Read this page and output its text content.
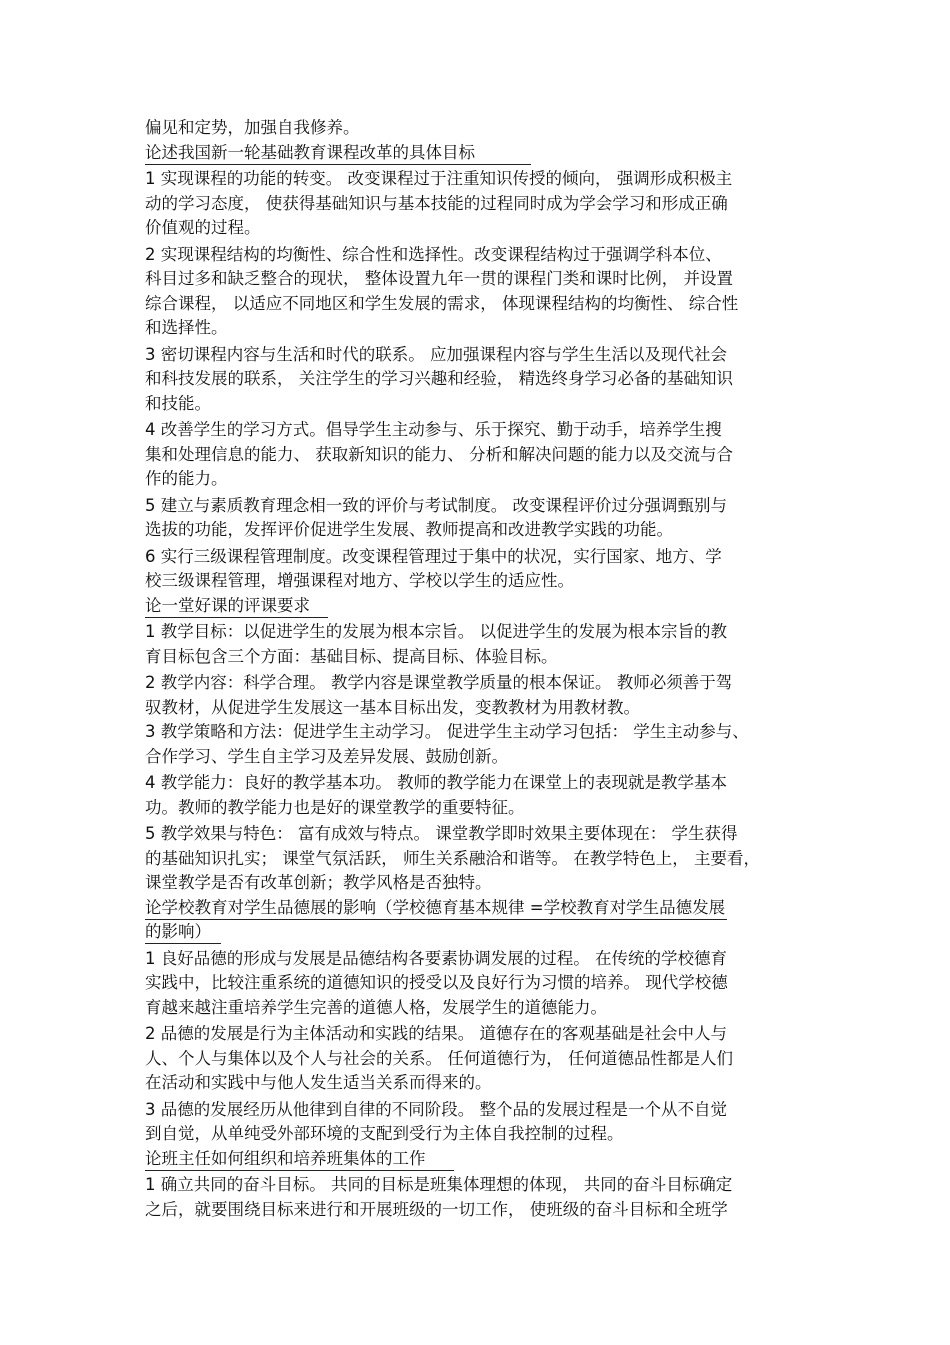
偏见和定势，加强自我修养。
论述我国新一轮基础教育课程改革的具体目标
1 实现课程的功能的转变。 改变课程过于注重知识传授的倾向， 强调形成积极主
动的学习态度， 使获得基础知识与基本技能的过程同时成为学会学习和形成正确
价值观的过程。
2 实现课程结构的均衡性、综合性和选择性。改变课程结构过于强调学科本位、
科目过多和缺乏整合的现状， 整体设置九年一贯的课程门类和课时比例， 并设置
综合课程， 以适应不同地区和学生发展的需求， 体现课程结构的均衡性、 综合性
和选择性。
3 密切课程内容与生活和时代的联系。 应加强课程内容与学生生活以及现代社会
和科技发展的联系， 关注学生的学习兴趣和经验， 精选终身学习必备的基础知识
和技能。
4 改善学生的学习方式。倡导学生主动参与、乐于探究、勤于动手，培养学生搜
集和处理信息的能力、 获取新知识的能力、 分析和解决问题的能力以及交流与合
作的能力。
5 建立与素质教育理念相一致的评价与考试制度。 改变课程评价过分强调甄别与
选拔的功能，发挥评价促进学生发展、教师提高和改进教学实践的功能。
6 实行三级课程管理制度。改变课程管理过于集中的状况，实行国家、地方、学
校三级课程管理，增强课程对地方、学校以学生的适应性。
论一堂好课的评课要求
1 教学目标：以促进学生的发展为根本宗旨。 以促进学生的发展为根本宗旨的教
育目标包含三个方面：基础目标、提高目标、体验目标。
2 教学内容：科学合理。 教学内容是课堂教学质量的根本保证。 教师必须善于驾
驭教材，从促进学生发展这一基本目标出发，变教教材为用教材教。
3 教学策略和方法：促进学生主动学习。 促进学生主动学习包括： 学生主动参与、
合作学习、学生自主学习及差异发展、鼓励创新。
4 教学能力：良好的教学基本功。 教师的教学能力在课堂上的表现就是教学基本
功。教师的教学能力也是好的课堂教学的重要特征。
5 教学效果与特色： 富有成效与特点。 课堂教学即时效果主要体现在： 学生获得
的基础知识扎实； 课堂气氛活跃， 师生关系融洽和谐等。 在教学特色上， 主要看，
课堂教学是否有改革创新；教学风格是否独特。
论学校教育对学生品德展的影响（学校德育基本规律 =学校教育对学生品德发展
的影响）
1 良好品德的形成与发展是品德结构各要素协调发展的过程。 在传统的学校德育
实践中，比较注重系统的道德知识的授受以及良好行为习惯的培养。 现代学校德
育越来越注重培养学生完善的道德人格，发展学生的道德能力。
2 品德的发展是行为主体活动和实践的结果。 道德存在的客观基础是社会中人与
人、个人与集体以及个人与社会的关系。 任何道德行为， 任何道德品性都是人们
在活动和实践中与他人发生适当关系而得来的。
3 品德的发展经历从他律到自律的不同阶段。 整个品的发展过程是一个从不自觉
到自觉，从单纯受外部环境的支配到受行为主体自我控制的过程。
论班主任如何组织和培养班集体的工作
1 确立共同的奋斗目标。 共同的目标是班集体理想的体现， 共同的奋斗目标确定
之后，就要围绕目标来进行和开展班级的一切工作， 使班级的奋斗目标和全班学
